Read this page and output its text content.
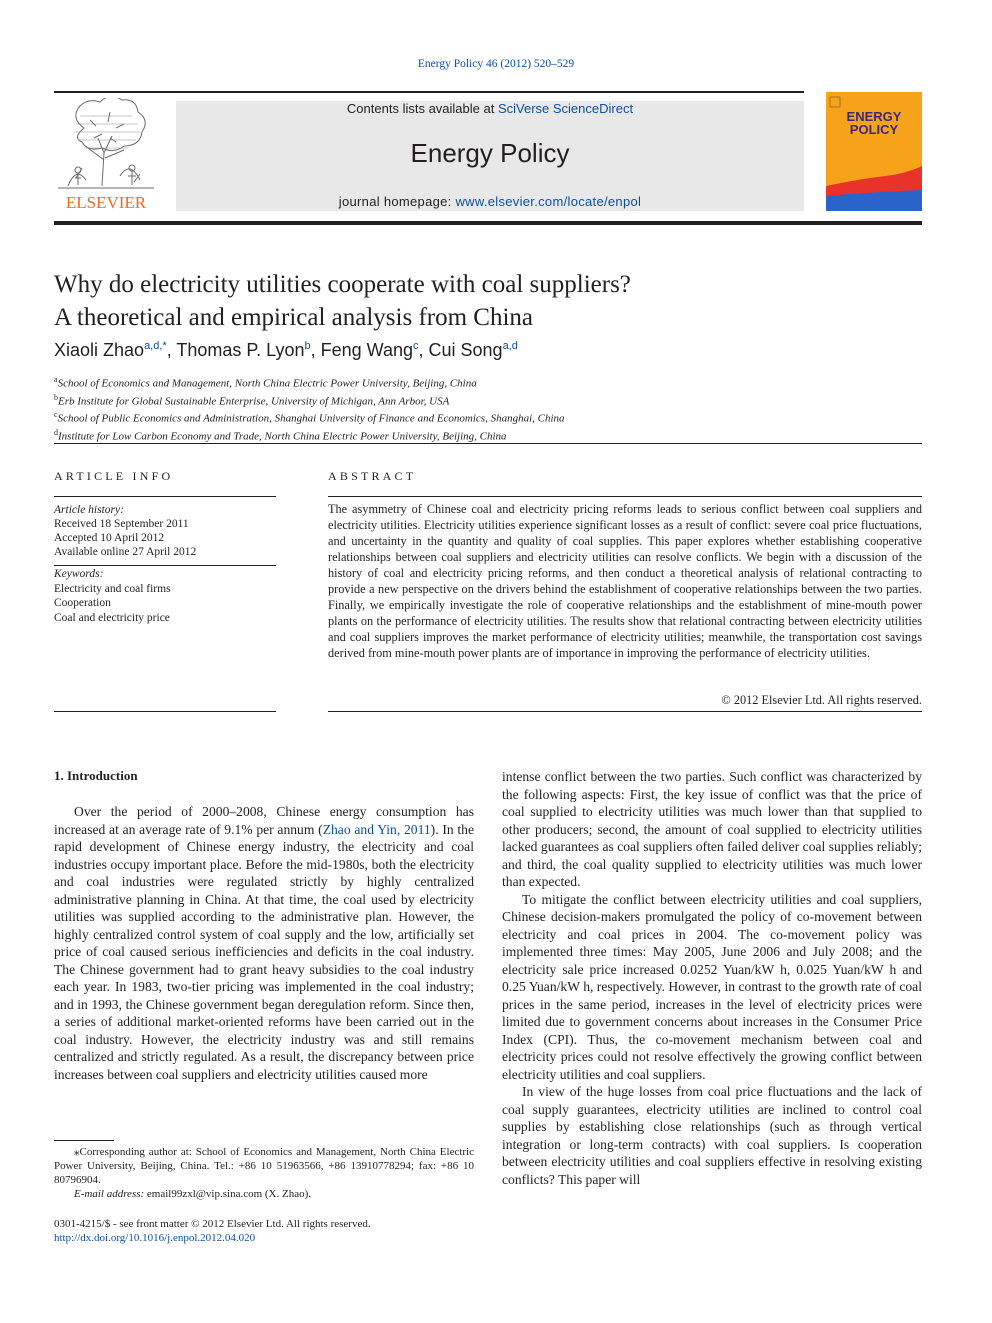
Energy Policy 46 (2012) 520–529
ELSEVIER
Contents lists available at SciVerse ScienceDirect
Energy Policy
journal homepage: www.elsevier.com/locate/enpol
ENERGY POLICY
Why do electricity utilities cooperate with coal suppliers?
A theoretical and empirical analysis from China
Xiaoli Zhao$^{a,d,*}$, Thomas P. Lyon$^b$, Feng Wang$^c$, Cui Song$^{a,d}$
$^a$School of Economics and Management, North China Electric Power University, Beijing, China
$^b$Erb Institute for Global Sustainable Enterprise, University of Michigan, Ann Arbor, USA
$^c$School of Public Economics and Administration, Shanghai University of Finance and Economics, Shanghai, China
$^d$Institute for Low Carbon Economy and Trade, North China Electric Power University, Beijing, China
ARTICLE INFO
Article history:
Received 18 September 2011
Accepted 10 April 2012
Available online 27 April 2012
Keywords:
Electricity and coal firms
Cooperation
Coal and electricity price
ABSTRACT
The asymmetry of Chinese coal and electricity pricing reforms leads to serious conflict between coal suppliers and electricity utilities. Electricity utilities experience significant losses as a result of conflict: severe coal price fluctuations, and uncertainty in the quantity and quality of coal supplies. This paper explores whether establishing cooperative relationships between coal suppliers and electricity utilities can resolve conflicts. We begin with a discussion of the history of coal and electricity pricing reforms, and then conduct a theoretical analysis of relational contracting to provide a new perspective on the drivers behind the establishment of cooperative relationships between the two parties. Finally, we empirically investigate the role of cooperative relationships and the establishment of mine-mouth power plants on the performance of electricity utilities. The results show that relational contracting between electricity utilities and coal suppliers improves the market performance of electricity utilities; meanwhile, the transportation cost savings derived from mine-mouth power plants are of importance in improving the performance of electricity utilities.
© 2012 Elsevier Ltd. All rights reserved.
1. Introduction

Over the period of 2000–2008, Chinese energy consumption has increased at an average rate of 9.1% per annum (Zhao and Yin, 2011). In the rapid development of Chinese energy industry, the electricity and coal industries occupy important place. Before the mid-1980s, both the electricity and coal industries were regulated strictly by highly centralized administrative planning in China. At that time, the coal used by electricity utilities was supplied according to the administrative plan. However, the highly centralized control system of coal supply and the low, artificially set price of coal caused serious inefficiencies and deficits in the coal industry. The Chinese government had to grant heavy subsidies to the coal industry each year. In 1983, two-tier pricing was implemented in the coal industry; and in 1993, the Chinese government began deregulation reform. Since then, a series of additional market-oriented reforms have been carried out in the coal industry. However, the electricity industry was and still remains centralized and strictly regulated. As a result, the discrepancy between price increases between coal suppliers and electricity utilities caused more

intense conflict between the two parties. Such conflict was characterized by the following aspects: First, the key issue of conflict was that the price of coal supplied to electricity utilities was much lower than that supplied to other producers; second, the amount of coal supplied to electricity utilities lacked guarantees as coal suppliers often failed deliver coal supplies reliably; and third, the coal quality supplied to electricity utilities was much lower than expected.

To mitigate the conflict between electricity utilities and coal suppliers, Chinese decision-makers promulgated the policy of co-movement between electricity and coal prices in 2004. The co-movement policy was implemented three times: May 2005, June 2006 and July 2008; and the electricity sale price increased 0.0252 Yuan/kW h, 0.025 Yuan/kW h and 0.25 Yuan/kW h, respectively. However, in contrast to the growth rate of coal prices in the same period, increases in the level of electricity prices were limited due to government concerns about increases in the Consumer Price Index (CPI). Thus, the co-movement mechanism between coal and electricity prices could not resolve effectively the growing conflict between electricity utilities and coal suppliers.

In view of the huge losses from coal price fluctuations and the lack of coal supply guarantees, electricity utilities are inclined to control coal supplies by establishing close relationships (such as through vertical integration or long-term contracts) with coal suppliers. Is cooperation between electricity utilities and coal suppliers effective in resolving existing conflicts? This paper will

⁎Corresponding author at: School of Economics and Management, North China Electric Power University, Beijing, China. Tel.: +86 10 51963566, +86 13910778294; fax: +86 10 80796904.
E-mail address: email99zxl@vip.sina.com (X. Zhao).
0301-4215/$ - see front matter © 2012 Elsevier Ltd. All rights reserved.
http://dx.doi.org/10.1016/j.enpol.2012.04.020
